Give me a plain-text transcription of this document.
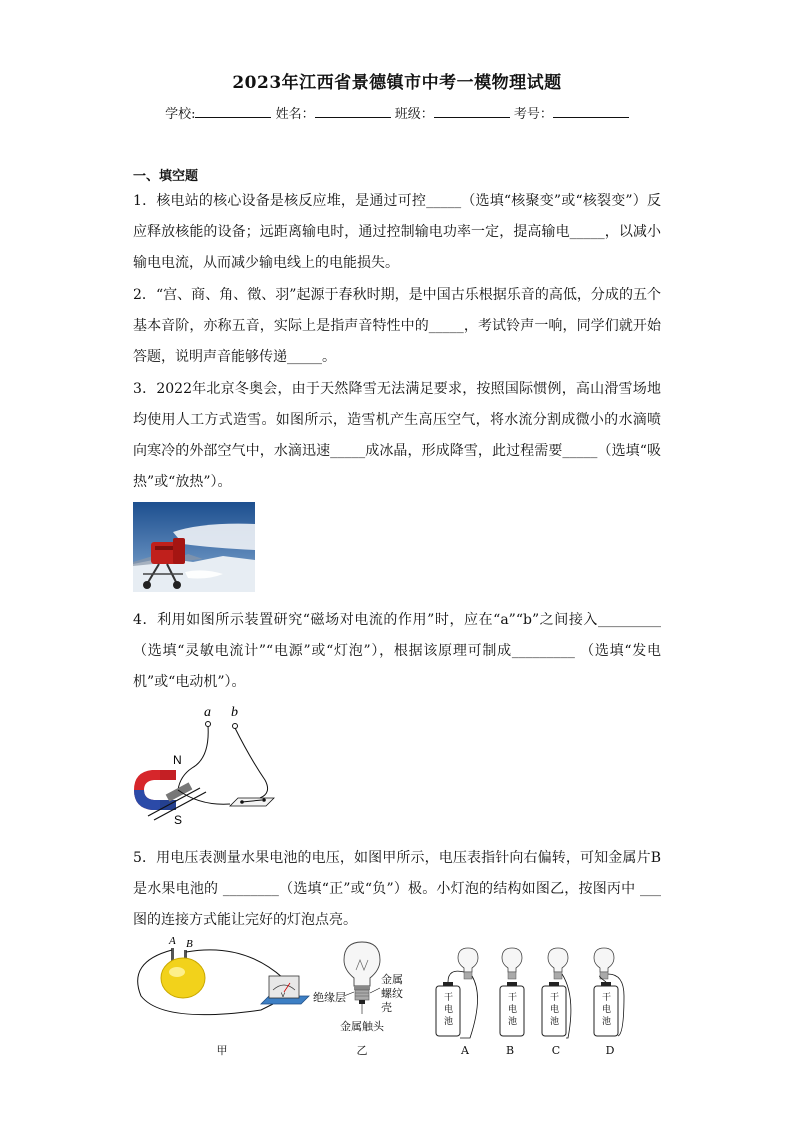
2023年江西省景德镇市中考一模物理试题
学校:	姓名：	班级：	考号：
一、填空题

1．核电站的核心设备是核反应堆，是通过可控_____（选填“核聚变”或“核裂变”）反应释放核能的设备；远距离输电时，通过控制输电功率一定，提高输电_____，以减小输电电流，从而减少输电线上的电能损失。

2．“宫、商、角、徵、羽”起源于春秋时期，是中国古乐根据乐音的高低，分成的五个基本音阶，亦称五音，实际上是指声音特性中的_____，考试铃声一响，同学们就开始答题，说明声音能够传递_____。

3．2022年北京冬奥会，由于天然降雪无法满足要求，按照国际惯例，高山滑雪场地均使用人工方式造雪。如图所示，造雪机产生高压空气，将水流分割成微小的水滴喷向寒冷的外部空气中，水滴迅速_____成冰晶，形成降雪，此过程需要_____（选填“吸热”或“放热”）。

4．利用如图所示装置研究“磁场对电流的作用”时，应在“a”“b”之间接入_________ （选填“灵敏电流计”“电源”或“灯泡”），根据该原理可制成_________ （选填“发电机”或“电动机”）。

a b
N
S

5．用电压表测量水果电池的电压，如图甲所示，电压表指针向右偏转，可知金属片B是水果电池的 ________（选填“正”或“负”）极。小灯泡的结构如图乙，按图丙中 ___图的连接方式能让完好的灯泡点亮。

A B
V
甲
金属螺纹壳
绝缘层
金属触头
乙
干
电
池
干
电
池
干
电
池
干
电
池
A	B	C	D
